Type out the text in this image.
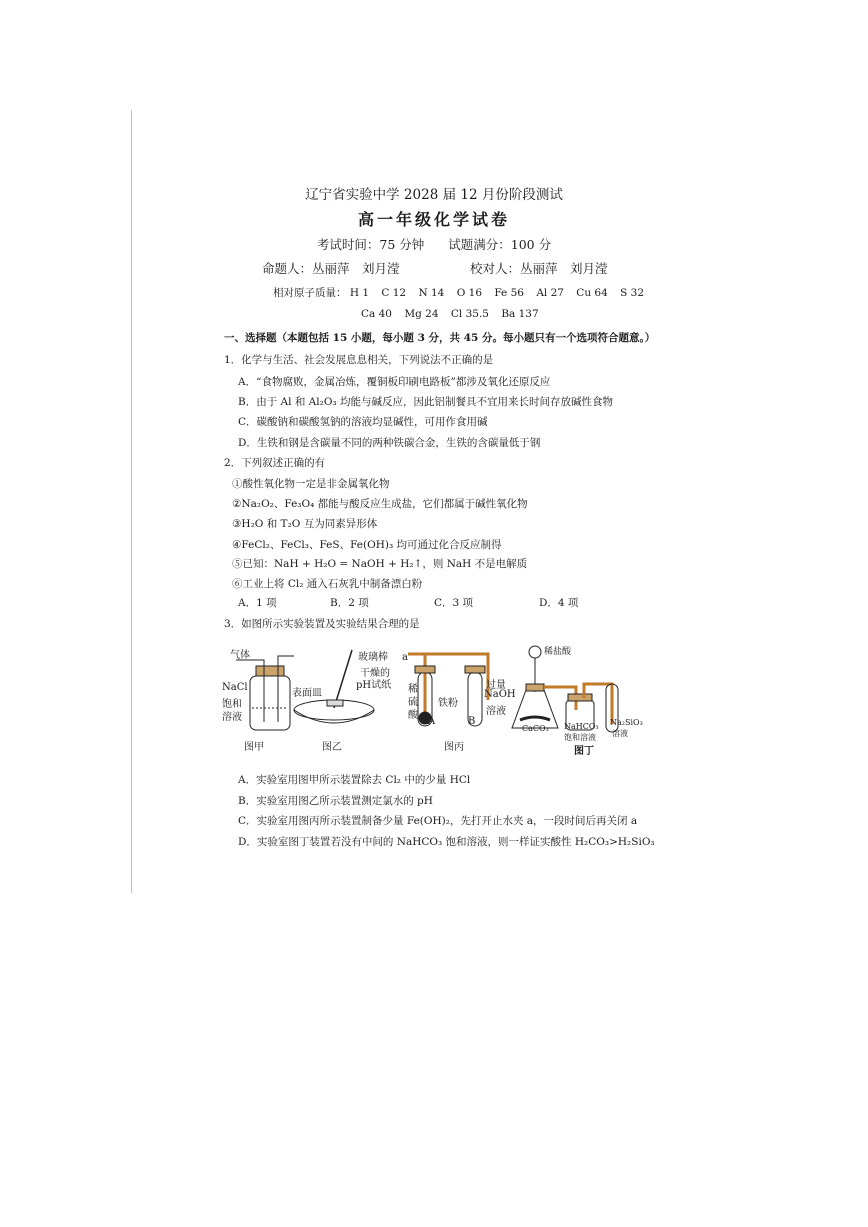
辽宁省实验中学 2028 届 12 月份阶段测试
高一年级化学试卷
考试时间：75 分钟 试题满分：100 分
命题人：丛丽萍　刘月滢	校对人：丛丽萍　刘月滢
相对原子质量： H 1 C 12 N 14 O 16 Fe 56 Al 27 Cu 64 S 32
Ca 40 Mg 24 Cl 35.5 Ba 137
一、选择题（本题包括 15 小题，每小题 3 分，共 45 分。每小题只有一个选项符合题意。）
1．化学与生活、社会发展息息相关，下列说法不正确的是
A．“食物腐败，金属冶炼，覆铜板印刷电路板”都涉及氧化还原反应
B．由于 Al 和 Al₂O₃ 均能与碱反应，因此铝制餐具不宜用来长时间存放碱性食物
C．碳酸钠和碳酸氢钠的溶液均显碱性，可用作食用碱
D．生铁和钢是含碳量不同的两种铁碳合金，生铁的含碳量低于钢
2．下列叙述正确的有
①酸性氧化物一定是非金属氧化物
②Na₂O₂、Fe₃O₄ 都能与酸反应生成盐，它们都属于碱性氧化物
③H₂O 和 T₂O 互为同素异形体
④FeCl₂、FeCl₃、FeS、Fe(OH)₃ 均可通过化合反应制得
⑤已知：NaH + H₂O = NaOH + H₂↑，则 NaH 不是电解质
⑥工业上将 Cl₂ 通入石灰乳中制备漂白粉
A．1 项	B．2 项	C．3 项	D．4 项
3．如图所示实验装置及实验结果合理的是
气体
NaCl
饱和
溶液
图甲
玻璃棒
干燥的
pH试纸
表面皿
图乙
a
稀
硫
酸
铁粉
过量
NaOH
溶液
A	B
图丙
稀盐酸
CaCO₃ NaHCO₃
饱和溶液
Na₂SiO₃
溶液
图丁
A．实验室用图甲所示装置除去 Cl₂ 中的少量 HCl
B．实验室用图乙所示装置测定氯水的 pH
C．实验室用图丙所示装置制备少量 Fe(OH)₂，先打开止水夹 a，一段时间后再关闭 a
D．实验室图丁装置若没有中间的 NaHCO₃ 饱和溶液，则一样证实酸性 H₂CO₃>H₂SiO₃
